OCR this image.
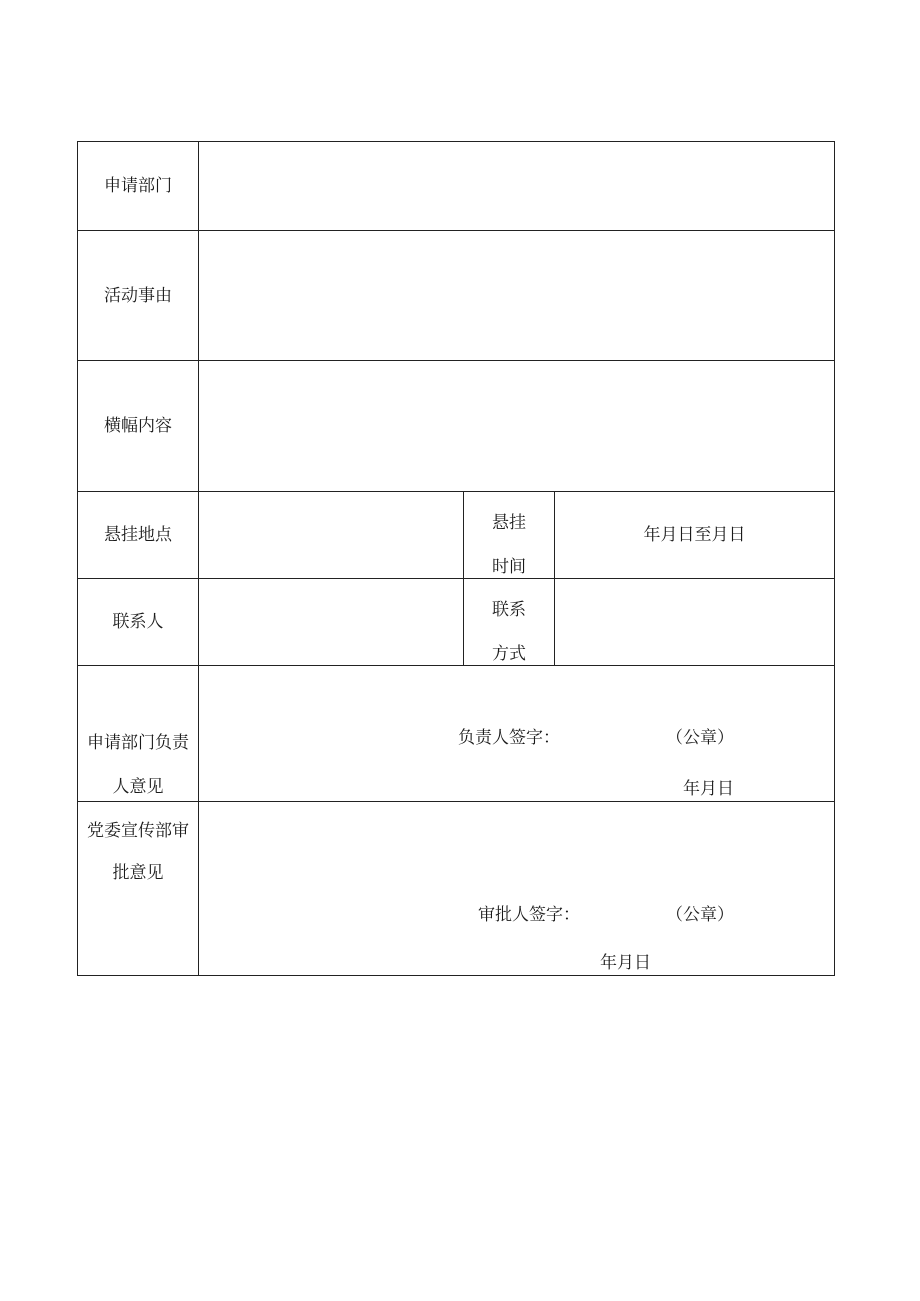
申请部门
活动事由
横幅内容
悬挂地点
悬挂
时间
年月日至月日
联系人
联系
方式
申请部门负责
人意见
负责人签字：	（公章）
年月日
党委宣传部审
批意见
审批人签字：	（公章）
年月日
